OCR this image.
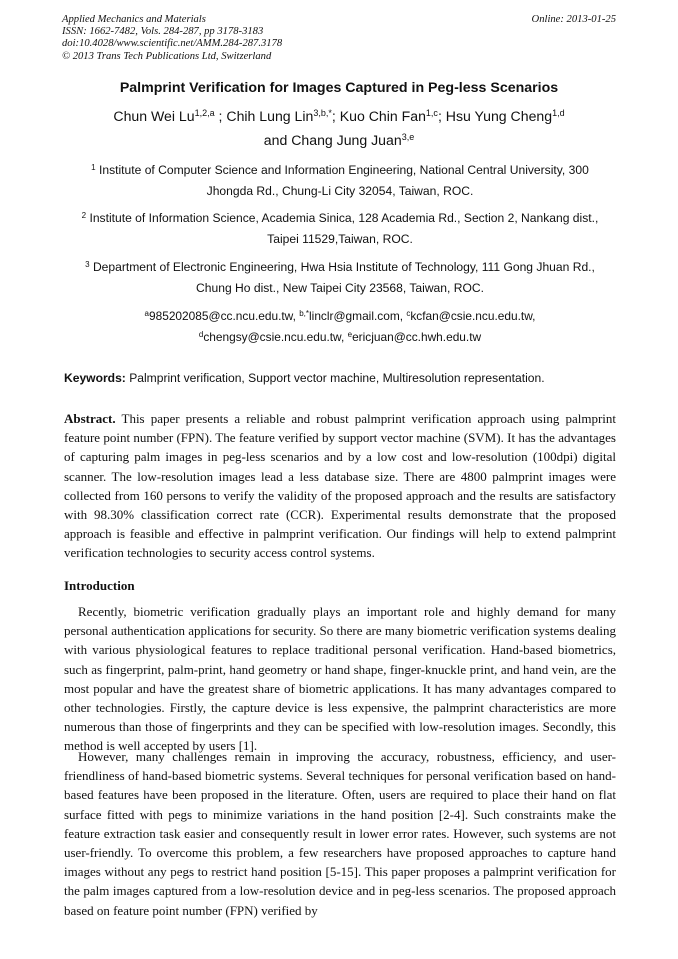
Applied Mechanics and Materials
ISSN: 1662-7482, Vols. 284-287, pp 3178-3183
doi:10.4028/www.scientific.net/AMM.284-287.3178
© 2013 Trans Tech Publications Ltd, Switzerland
Online: 2013-01-25
Palmprint Verification for Images Captured in Peg-less Scenarios
Chun Wei Lu$^{1,2,a}$ ; Chih Lung Lin$^{3,b,*}$; Kuo Chin Fan$^{1,c}$; Hsu Yung Cheng$^{1,d}$
and Chang Jung Juan$^{3,e}$
$^1$ Institute of Computer Science and Information Engineering, National Central University, 300
Jhongda Rd., Chung-Li City 32054, Taiwan, ROC.
$^2$ Institute of Information Science, Academia Sinica, 128 Academia Rd., Section 2, Nankang dist.,
Taipei 11529,Taiwan, ROC.
$^3$ Department of Electronic Engineering, Hwa Hsia Institute of Technology, 111 Gong Jhuan Rd.,
Chung Ho dist., New Taipei City 23568, Taiwan, ROC.
$^a$985202085@cc.ncu.edu.tw, $^{b,*}$linclr@gmail.com, $^c$kcfan@csie.ncu.edu.tw,
$^d$chengsy@csie.ncu.edu.tw, $^e$ericjuan@cc.hwh.edu.tw
Keywords: Palmprint verification, Support vector machine, Multiresolution representation.
Abstract. This paper presents a reliable and robust palmprint verification approach using palmprint feature point number (FPN). The feature verified by support vector machine (SVM). It has the advantages of capturing palm images in peg-less scenarios and by a low cost and low-resolution (100dpi) digital scanner. The low-resolution images lead a less database size. There are 4800 palmprint images were collected from 160 persons to verify the validity of the proposed approach and the results are satisfactory with 98.30% classification correct rate (CCR). Experimental results demonstrate that the proposed approach is feasible and effective in palmprint verification. Our findings will help to extend palmprint verification technologies to security access control systems.
Introduction
Recently, biometric verification gradually plays an important role and highly demand for many personal authentication applications for security. So there are many biometric verification systems dealing with various physiological features to replace traditional personal verification. Hand-based biometrics, such as fingerprint, palm-print, hand geometry or hand shape, finger-knuckle print, and hand vein, are the most popular and have the greatest share of biometric applications. It has many advantages compared to other technologies. Firstly, the capture device is less expensive, the palmprint characteristics are more numerous than those of fingerprints and they can be specified with low-resolution images. Secondly, this method is well accepted by users [1].
However, many challenges remain in improving the accuracy, robustness, efficiency, and user-friendliness of hand-based biometric systems. Several techniques for personal verification based on hand-based features have been proposed in the literature. Often, users are required to place their hand on flat surface fitted with pegs to minimize variations in the hand position [2-4]. Such constraints make the feature extraction task easier and consequently result in lower error rates. However, such systems are not user-friendly. To overcome this problem, a few researchers have proposed approaches to capture hand images without any pegs to restrict hand position [5-15]. This paper proposes a palmprint verification for the palm images captured from a low-resolution device and in peg-less scenarios. The proposed approach based on feature point number (FPN) verified by
